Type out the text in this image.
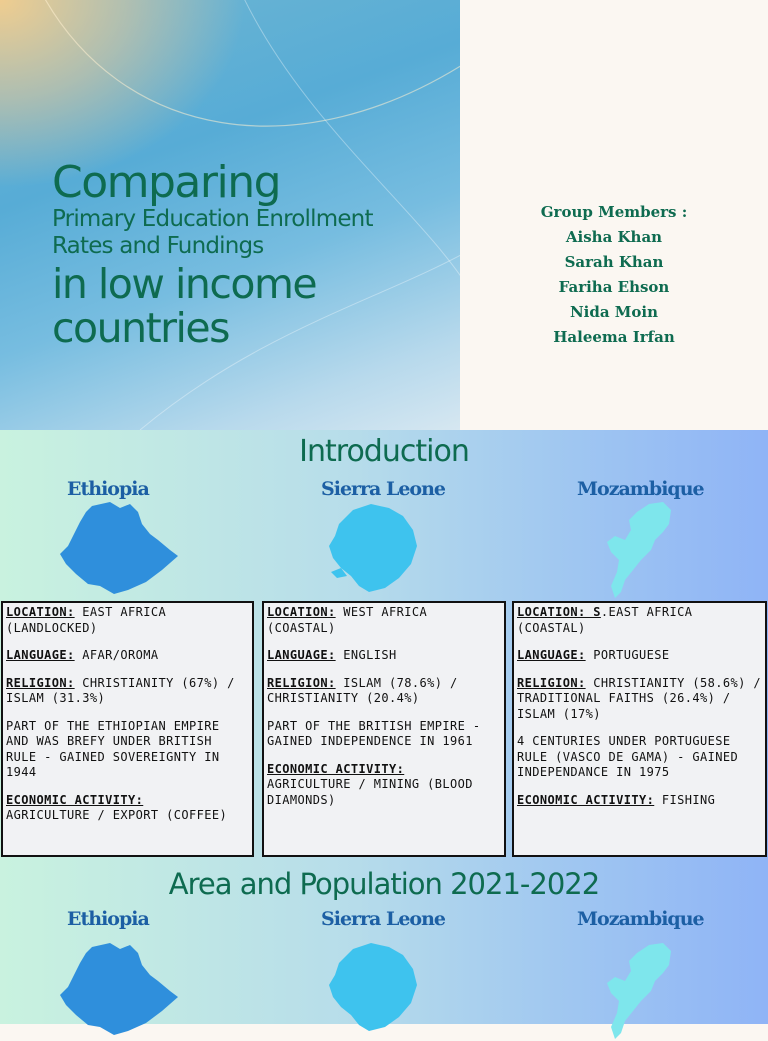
Comparing
Primary Education Enrollment
Rates and Fundings
in low income
countries
Group Members :
Aisha Khan
Sarah Khan
Fariha Ehson
Nida Moin
Haleema Irfan
Introduction
Ethiopia	Sierra Leone	Mozambique

LOCATION: EAST AFRICA (LANDLOCKED)

LANGUAGE: AFAR/OROMA

RELIGION: CHRISTIANITY (67%) / ISLAM (31.3%)

PART OF THE ETHIOPIAN EMPIRE AND WAS BREFY UNDER BRITISH RULE - GAINED SOVEREIGNTY IN 1944

ECONOMIC ACTIVITY:
AGRICULTURE / EXPORT (COFFEE)

LOCATION: WEST AFRICA (COASTAL)

LANGUAGE: ENGLISH

RELIGION: ISLAM (78.6%) / CHRISTIANITY (20.4%)

PART OF THE BRITISH EMPIRE - GAINED INDEPENDENCE IN 1961

ECONOMIC ACTIVITY:
AGRICULTURE / MINING (BLOOD DIAMONDS)

LOCATION: S.EAST AFRICA (COASTAL)

LANGUAGE: PORTUGUESE

RELIGION: CHRISTIANITY (58.6%) / TRADITIONAL FAITHS (26.4%) / ISLAM (17%)

4 CENTURIES UNDER PORTUGUESE RULE (VASCO DE GAMA) - GAINED INDEPENDANCE IN 1975

ECONOMIC ACTIVITY: FISHING

Area and Population 2021-2022
Ethiopia	Sierra Leone	Mozambique
